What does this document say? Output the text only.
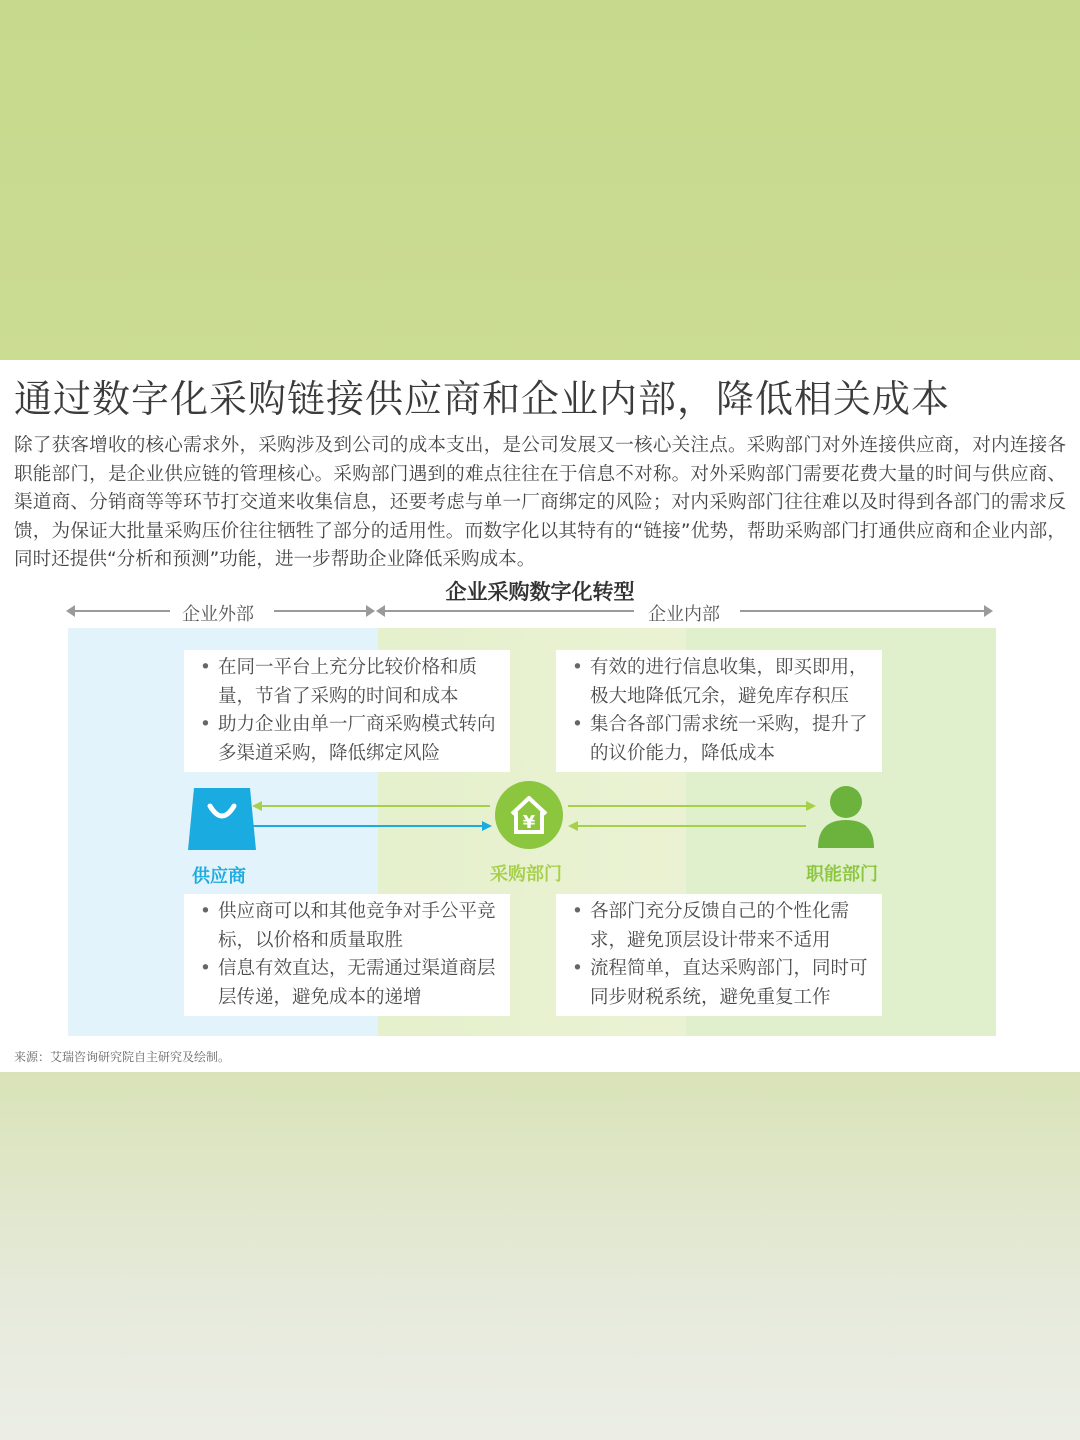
通过数字化采购链接供应商和企业内部，降低相关成本
除了获客增收的核心需求外，采购涉及到公司的成本支出，是公司发展又一核心关注点。采购部门对外连接供应商，对内连接各职能部门，是企业供应链的管理核心。采购部门遇到的难点往往在于信息不对称。对外采购部门需要花费大量的时间与供应商、渠道商、分销商等等环节打交道来收集信息，还要考虑与单一厂商绑定的风险；对内采购部门往往难以及时得到各部门的需求反馈，为保证大批量采购压价往往牺牲了部分的适用性。而数字化以其特有的“链接”优势，帮助采购部门打通供应商和企业内部，同时还提供“分析和预测”功能，进一步帮助企业降低采购成本。
企业采购数字化转型
企业外部	企业内部
• 在同一平台上充分比较价格和质量，节省了采购的时间和成本
• 助力企业由单一厂商采购模式转向多渠道采购，降低绑定风险
• 有效的进行信息收集，即买即用，极大地降低冗余，避免库存积压
• 集合各部门需求统一采购，提升了的议价能力，降低成本
• 供应商可以和其他竞争对手公平竞标，以价格和质量取胜
• 信息有效直达，无需通过渠道商层层传递，避免成本的递增
• 各部门充分反馈自己的个性化需求，避免顶层设计带来不适用
• 流程简单，直达采购部门，同时可同步财税系统，避免重复工作
供应商
¥
采购部门	职能部门
来源：艾瑞咨询研究院自主研究及绘制。
